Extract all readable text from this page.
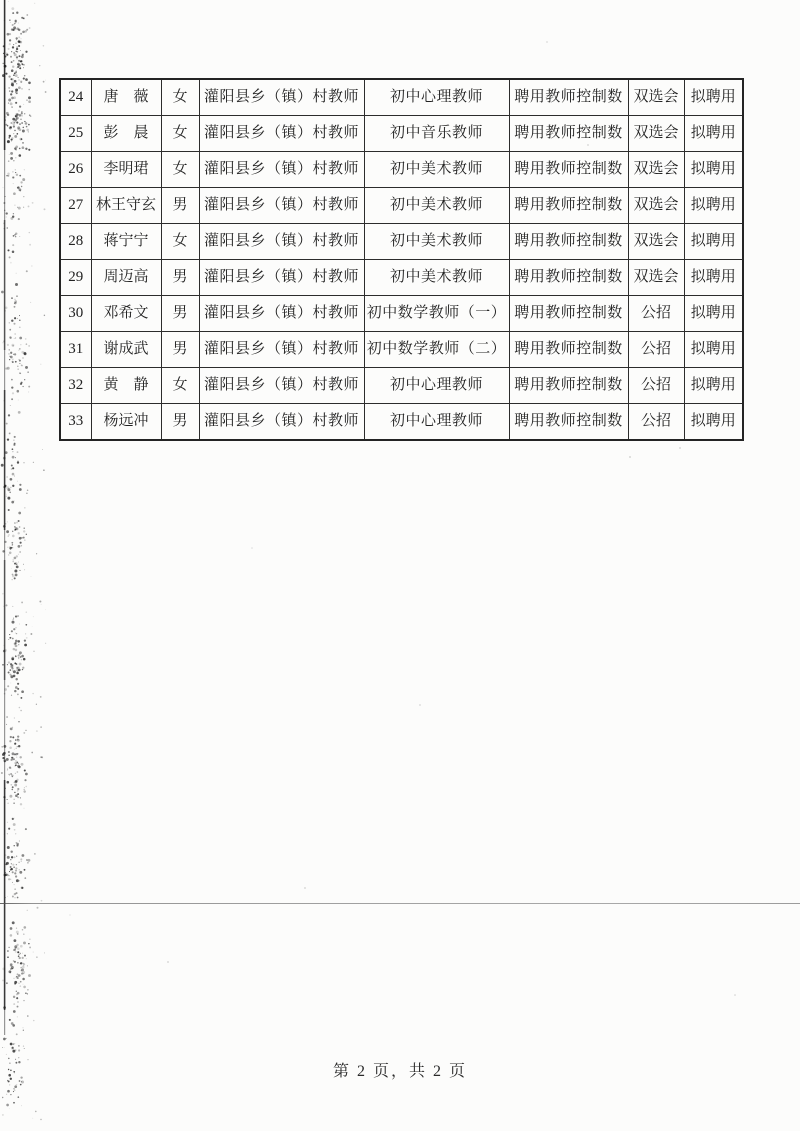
24	唐　薇	女	灌阳县乡（镇）村教师	初中心理教师	聘用教师控制数	双选会	拟聘用
25	彭　晨	女	灌阳县乡（镇）村教师	初中音乐教师	聘用教师控制数	双选会	拟聘用
26	李明珺	女	灌阳县乡（镇）村教师	初中美术教师	聘用教师控制数	双选会	拟聘用
27	林王守玄	男	灌阳县乡（镇）村教师	初中美术教师	聘用教师控制数	双选会	拟聘用
28	蒋宁宁	女	灌阳县乡（镇）村教师	初中美术教师	聘用教师控制数	双选会	拟聘用
29	周迈高	男	灌阳县乡（镇）村教师	初中美术教师	聘用教师控制数	双选会	拟聘用
30	邓希文	男	灌阳县乡（镇）村教师	初中数学教师（一）	聘用教师控制数	公招	拟聘用
31	谢成武	男	灌阳县乡（镇）村教师	初中数学教师（二）	聘用教师控制数	公招	拟聘用
32	黄　静	女	灌阳县乡（镇）村教师	初中心理教师	聘用教师控制数	公招	拟聘用
33	杨远冲	男	灌阳县乡（镇）村教师	初中心理教师	聘用教师控制数	公招	拟聘用
第 2 页，共 2 页
